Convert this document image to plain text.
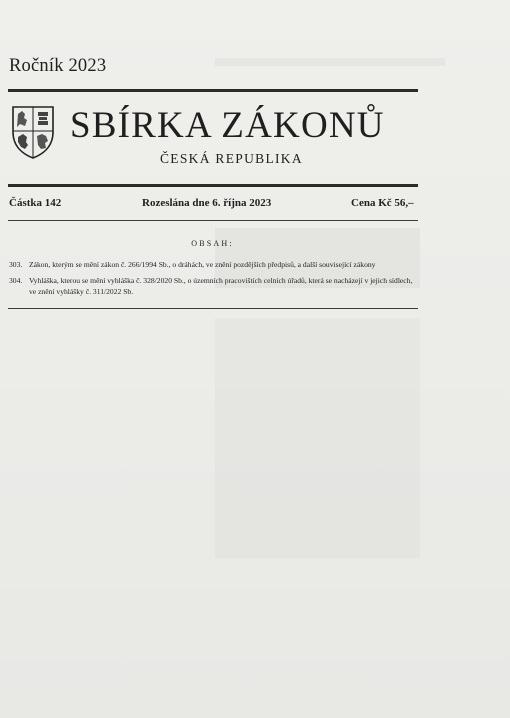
Ročník 2023
SBÍRKA ZÁKONŮ
ČESKÁ REPUBLIKA
Částka 142	Rozeslána dne 6. října 2023	Cena Kč 56,–
OBSAH:
303. Zákon, kterým se mění zákon č. 266/1994 Sb., o dráhách, ve znění pozdějších předpisů, a další související zákony
304. Vyhláška, kterou se mění vyhláška č. 328/2020 Sb., o územních pracovištích celních úřadů, která se nacházejí v jejich sídlech, ve znění vyhlášky č. 311/2022 Sb.
